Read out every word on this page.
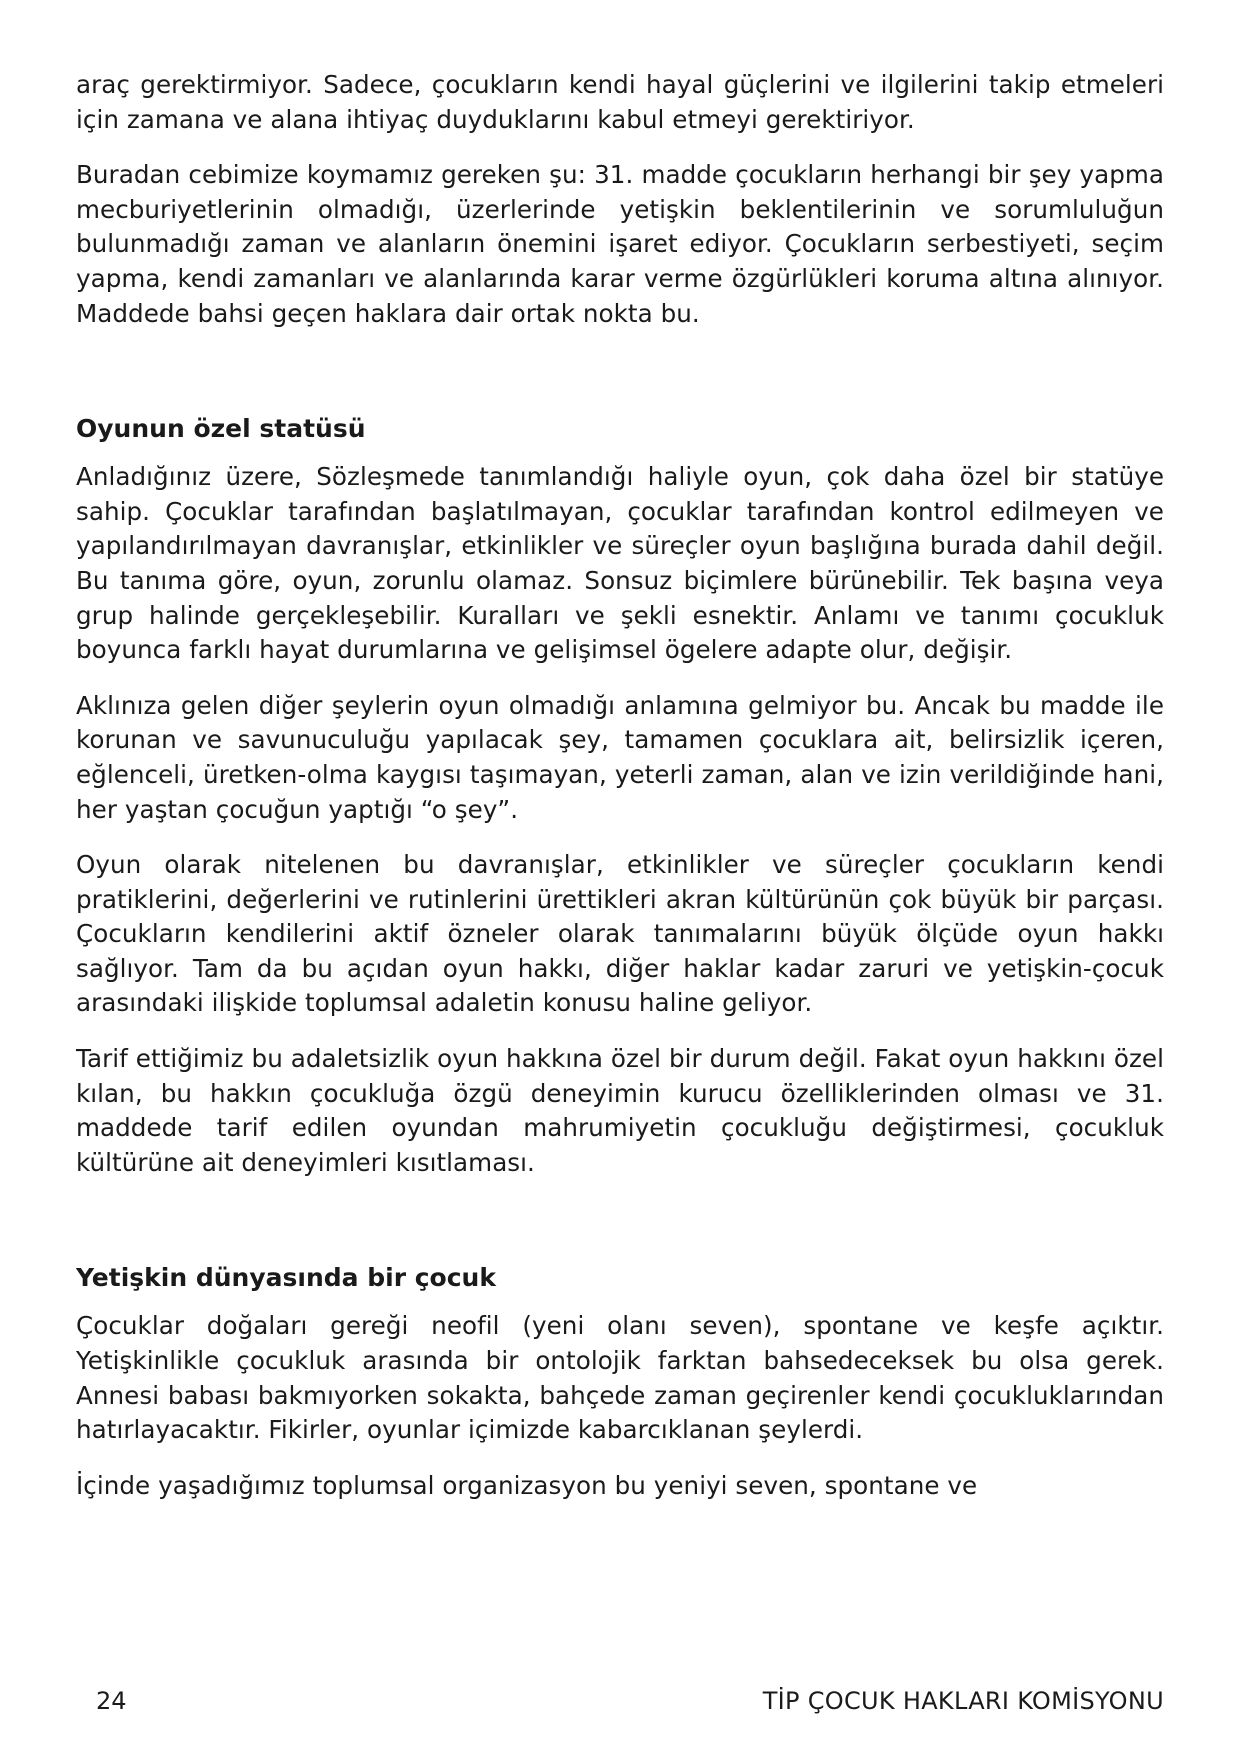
araç gerektirmiyor. Sadece, çocukların kendi hayal güçlerini ve ilgilerini takip etmeleri için zamana ve alana ihtiyaç duyduklarını kabul etmeyi gerektiriyor.

Buradan cebimize koymamız gereken şu: 31. madde çocukların herhangi bir şey yapma mecburiyetlerinin olmadığı, üzerlerinde yetişkin beklentilerinin ve sorumluluğun bulunmadığı zaman ve alanların önemini işaret ediyor. Çocukların serbestiyeti, seçim yapma, kendi zamanları ve alanlarında karar verme özgürlükleri koruma altına alınıyor. Maddede bahsi geçen haklara dair ortak nokta bu.

Oyunun özel statüsü

Anladığınız üzere, Sözleşmede tanımlandığı haliyle oyun, çok daha özel bir statüye sahip. Çocuklar tarafından başlatılmayan, çocuklar tarafından kontrol edilmeyen ve yapılandırılmayan davranışlar, etkinlikler ve süreçler oyun başlığına burada dahil değil. Bu tanıma göre, oyun, zorunlu olamaz. Sonsuz biçimlere bürünebilir. Tek başına veya grup halinde gerçekleşebilir. Kuralları ve şekli esnektir. Anlamı ve tanımı çocukluk boyunca farklı hayat durumlarına ve gelişimsel ögelere adapte olur, değişir.

Aklınıza gelen diğer şeylerin oyun olmadığı anlamına gelmiyor bu. Ancak bu madde ile korunan ve savunuculuğu yapılacak şey, tamamen çocuklara ait, belirsizlik içeren, eğlenceli, üretken-olma kaygısı taşımayan, yeterli zaman, alan ve izin verildiğinde hani, her yaştan çocuğun yaptığı “o şey”.

Oyun olarak nitelenen bu davranışlar, etkinlikler ve süreçler çocukların kendi pratiklerini, değerlerini ve rutinlerini ürettikleri akran kültürünün çok büyük bir parçası. Çocukların kendilerini aktif özneler olarak tanımalarını büyük ölçüde oyun hakkı sağlıyor. Tam da bu açıdan oyun hakkı, diğer haklar kadar zaruri ve yetişkin-çocuk arasındaki ilişkide toplumsal adaletin konusu haline geliyor.

Tarif ettiğimiz bu adaletsizlik oyun hakkına özel bir durum değil. Fakat oyun hakkını özel kılan, bu hakkın çocukluğa özgü deneyimin kurucu özelliklerinden olması ve 31. maddede tarif edilen oyundan mahrumiyetin çocukluğu değiştirmesi, çocukluk kültürüne ait deneyimleri kısıtlaması.

Yetişkin dünyasında bir çocuk

Çocuklar doğaları gereği neofil (yeni olanı seven), spontane ve keşfe açıktır. Yetişkinlikle çocukluk arasında bir ontolojik farktan bahsedeceksek bu olsa gerek. Annesi babası bakmıyorken sokakta, bahçede zaman geçirenler kendi çocukluklarından hatırlayacaktır. Fikirler, oyunlar içimizde kabarcıklanan şeylerdi.

İçinde yaşadığımız toplumsal organizasyon bu yeniyi seven, spontane ve

24	TİP ÇOCUK HAKLARI KOMİSYONU
